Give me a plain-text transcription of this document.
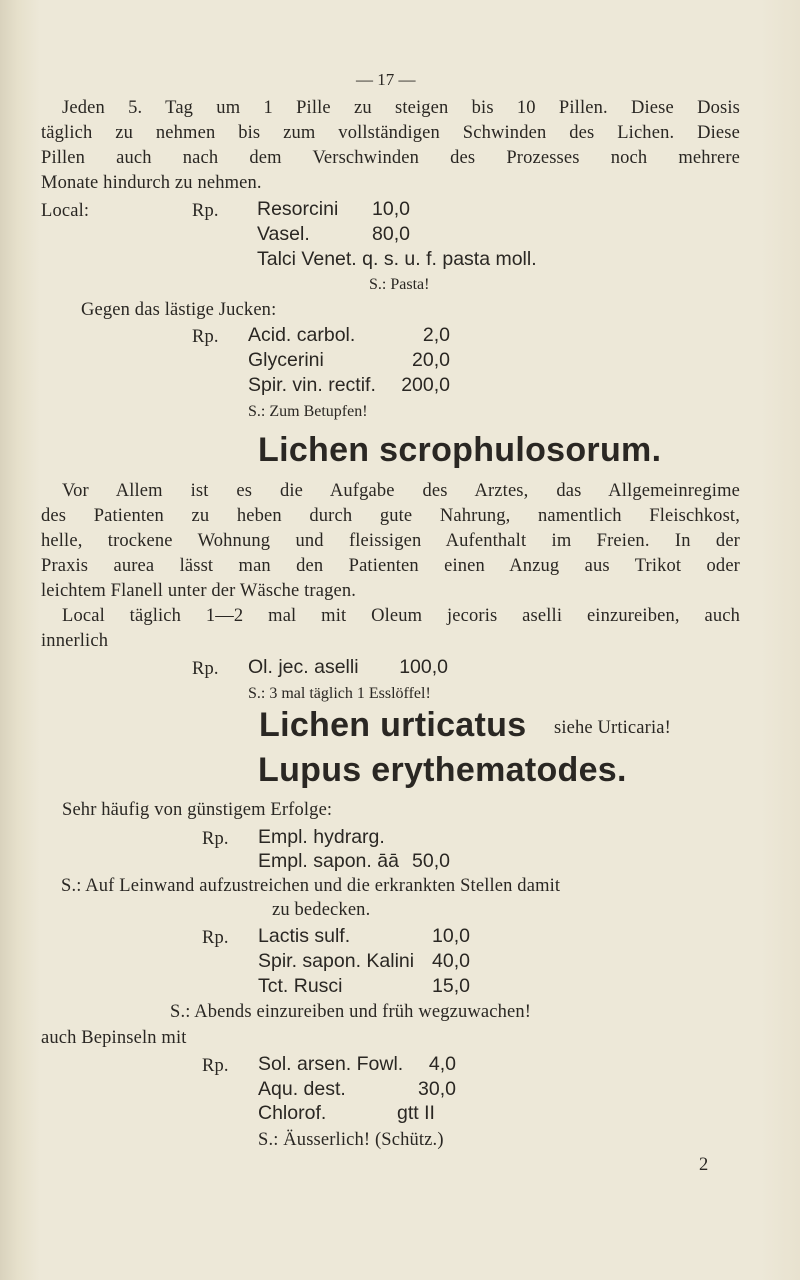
— 17 —
Jeden 5. Tag um 1 Pille zu steigen bis 10 Pillen. Diese Dosis
täglich zu nehmen bis zum vollständigen Schwinden des Lichen. Diese
Pillen auch nach dem Verschwinden des Prozesses noch mehrere
Monate hindurch zu nehmen.
Local:	Rp. Resorcini	10,0
Vasel.	80,0
Talci Venet. q. s. u. f. pasta moll.
S.: Pasta!
Gegen das lästige Jucken:
Rp. Acid. carbol.	2,0
Glycerini	20,0
Spir. vin. rectif.	200,0
S.: Zum Betupfen!
Lichen scrophulosorum.
Vor Allem ist es die Aufgabe des Arztes, das Allgemeinregime
des Patienten zu heben durch gute Nahrung, namentlich Fleischkost,
helle, trockene Wohnung und fleissigen Aufenthalt im Freien. In der
Praxis aurea lässt man den Patienten einen Anzug aus Trikot oder
leichtem Flanell unter der Wäsche tragen.
Local täglich 1—2 mal mit Oleum jecoris aselli einzureiben, auch
innerlich
Rp. Ol. jec. aselli	100,0
S.: 3 mal täglich 1 Esslöffel!
Lichen urticatus siehe Urticaria!
Lupus erythematodes.
Sehr häufig von günstigem Erfolge:
Rp. Empl. hydrarg.
Empl. sapon. āā 50,0
S.: Auf Leinwand aufzustreichen und die erkrankten Stellen damit
zu bedecken.
Rp. Lactis sulf.	10,0
Spir. sapon. Kalini 40,0
Tct. Rusci	15,0
S.: Abends einzureiben und früh wegzuwachen!
auch Bepinseln mit
Rp. Sol. arsen. Fowl.	4,0
Aqu. dest.	30,0
Chlorof.	gtt II
S.: Äusserlich! (Schütz.)
2
